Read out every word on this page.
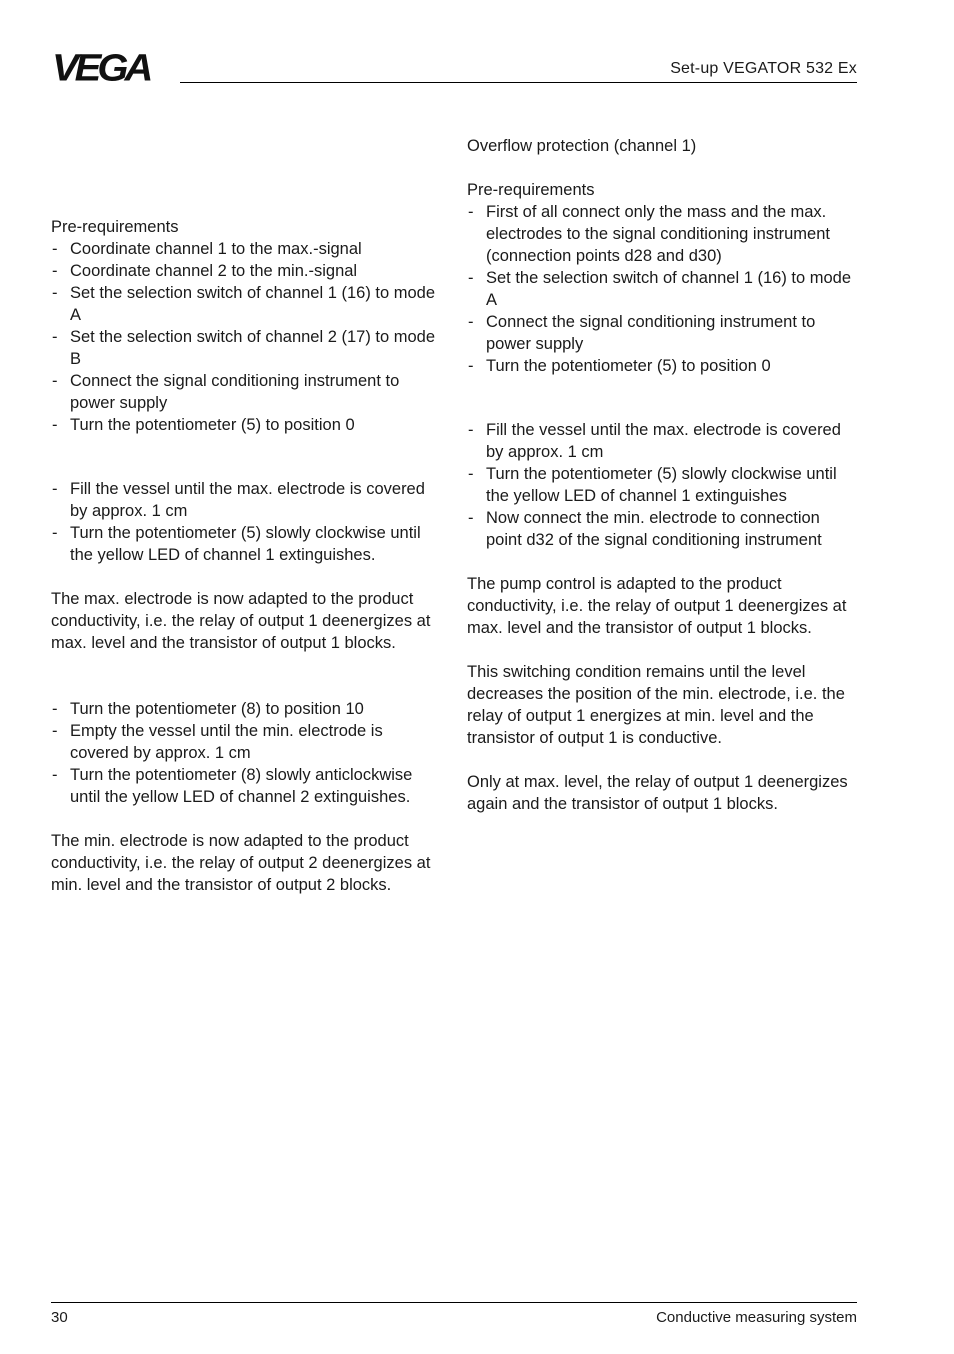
VEGA	Set-up VEGATOR 532 Ex

Pre-requirements

- Coordinate channel 1 to the max.-signal
- Coordinate channel 2 to the min.-signal
- Set the selection switch of channel 1 (16) to mode A
- Set the selection switch of channel 2 (17) to mode B
- Connect the signal conditioning instrument to power supply
- Turn the potentiometer (5) to position 0
- Fill the vessel until the max. electrode is covered by approx. 1 cm
- Turn the potentiometer (5) slowly clockwise until the yellow LED of channel 1 extinguishes.

The max. electrode is now adapted to the product conductivity, i.e. the relay of output 1 deenergizes at max. level and the transistor of output 1 blocks.

- Turn the potentiometer (8) to position 10
- Empty the vessel until the min. electrode is covered by approx. 1 cm
- Turn the potentiometer (8) slowly anticlockwise until the yellow LED of channel 2 extinguishes.

The min. electrode is now adapted to the product conductivity, i.e. the relay of output 2 deenergizes at min. level and the transistor of output 2 blocks.

Overflow protection (channel 1)

Pre-requirements

- First of all connect only the mass and the max. electrodes to the signal conditioning instrument (connection points d28 and d30)
- Set the selection switch of channel 1 (16) to mode A
- Connect the signal conditioning instrument to power supply
- Turn the potentiometer (5) to position 0
- Fill the vessel until the max. electrode is covered by approx. 1 cm
- Turn the potentiometer (5) slowly clockwise until the yellow LED of channel 1 extinguishes
- Now connect the min. electrode to connection point d32 of the signal conditioning instrument

The pump control is adapted to the product conductivity, i.e. the relay of output 1 deenergizes at max. level and the transistor of output 1 blocks.

This switching condition remains until the level decreases the position of the min. electrode, i.e. the relay of output 1 energizes at min. level and the transistor of output 1 is conductive.

Only at max. level, the relay of output 1 deenergizes again and the transistor of output 1 blocks.

30	Conductive measuring system
